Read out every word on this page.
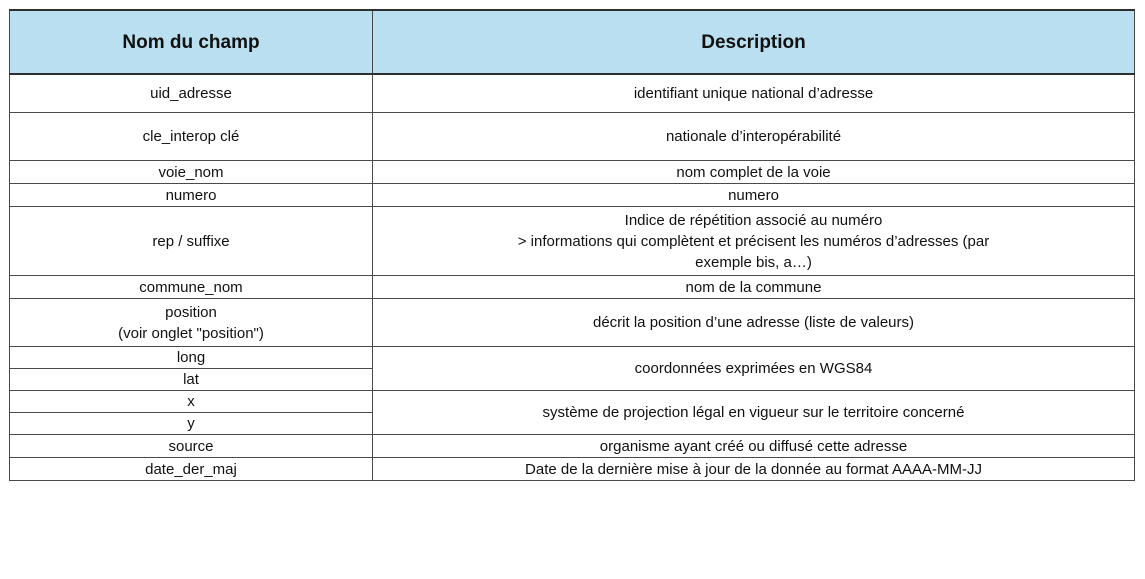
Nom du champ	Description

uid_adresse	identifiant unique national d’adresse

cle_interop clé	nationale d’interopérabilité

voie_nom	nom complet de la voie

numero	numero

rep / suffixe	Indice de répétition associé au numéro
> informations qui complètent et précisent les numéros d’adresses (par
exemple bis, a…)

commune_nom	nom de la commune

position
(voir onglet "position")	décrit la position d’une adresse (liste de valeurs)

long	coordonnées exprimées en WGS84

lat	

x	système de projection légal en vigueur sur le territoire concerné

y	

source	organisme ayant créé ou diffusé cette adresse

date_der_maj	Date de la dernière mise à jour de la donnée au format AAAA-MM-JJ
